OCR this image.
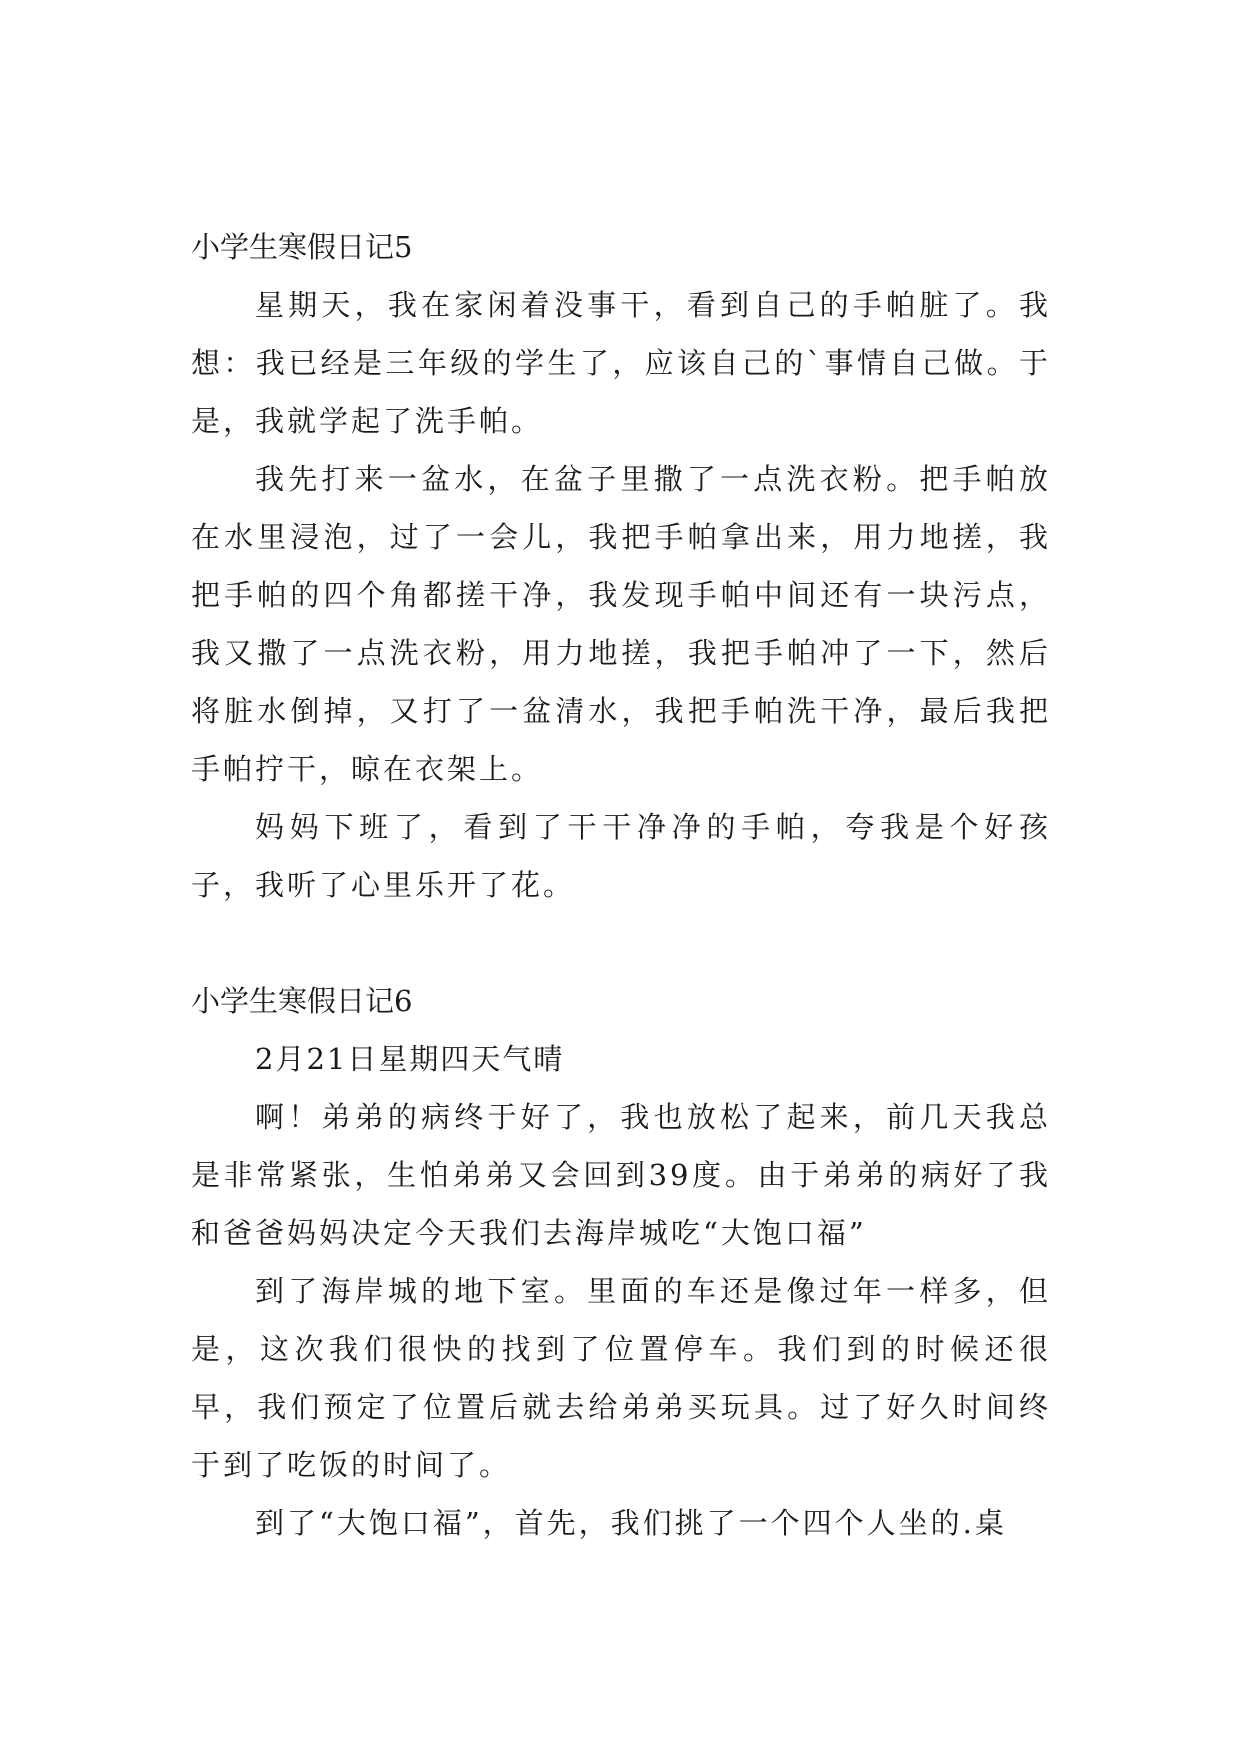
小学生寒假日记5

星期天，我在家闲着没事干，看到自己的手帕脏了。我想：我已经是三年级的学生了，应该自己的`事情自己做。于是，我就学起了洗手帕。

我先打来一盆水，在盆子里撒了一点洗衣粉。把手帕放在水里浸泡，过了一会儿，我把手帕拿出来，用力地搓，我把手帕的四个角都搓干净，我发现手帕中间还有一块污点，我又撒了一点洗衣粉，用力地搓，我把手帕冲了一下，然后将脏水倒掉，又打了一盆清水，我把手帕洗干净，最后我把手帕拧干，晾在衣架上。

妈妈下班了，看到了干干净净的手帕，夸我是个好孩子，我听了心里乐开了花。

小学生寒假日记6

2月21日星期四天气晴

啊！弟弟的病终于好了，我也放松了起来，前几天我总是非常紧张，生怕弟弟又会回到39度。由于弟弟的病好了我和爸爸妈妈决定今天我们去海岸城吃“大饱口福”

到了海岸城的地下室。里面的车还是像过年一样多，但是，这次我们很快的找到了位置停车。我们到的时候还很早，我们预定了位置后就去给弟弟买玩具。过了好久时间终于到了吃饭的时间了。

到了“大饱口福”，首先，我们挑了一个四个人坐的.桌
